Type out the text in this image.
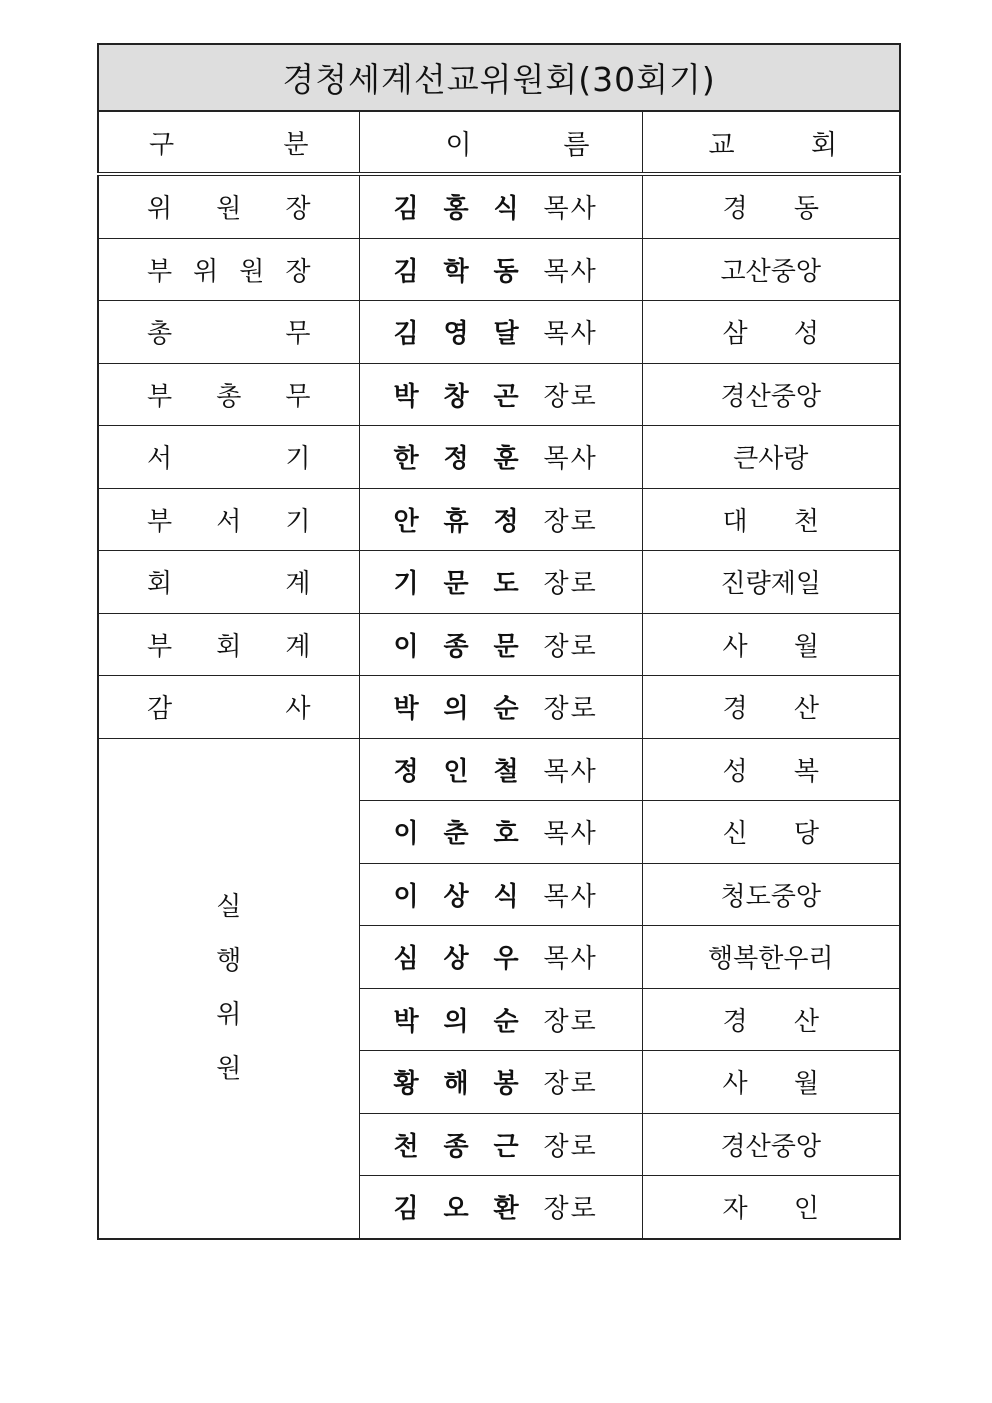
경청세계선교위원회(30회기)		

구 분	이 름	교 회

위 원 장	김 홍 식 목사	경 동

부 위 원 장	김 학 동 목사	고산중앙

총 무	김 영 달 목사	삼 성

부 총 무	박 창 곤 장로	경산중앙

서 기	한 정 훈 목사	큰사랑

부 서 기	안 휴 정 장로	대 천

회 계	기 문 도 장로	진량제일

부 회 계	이 종 문 장로	사 월

감 사	박 의 순 장로	경 산

실
행
위
원	정 인 철 목사	성 복

	이 춘 호 목사	신 당

	이 상 식 목사	청도중앙

	심 상 우 목사	행복한우리

	박 의 순 장로	경 산

	황 해 봉 장로	사 월

	천 종 근 장로	경산중앙

	김 오 환 장로	자 인
